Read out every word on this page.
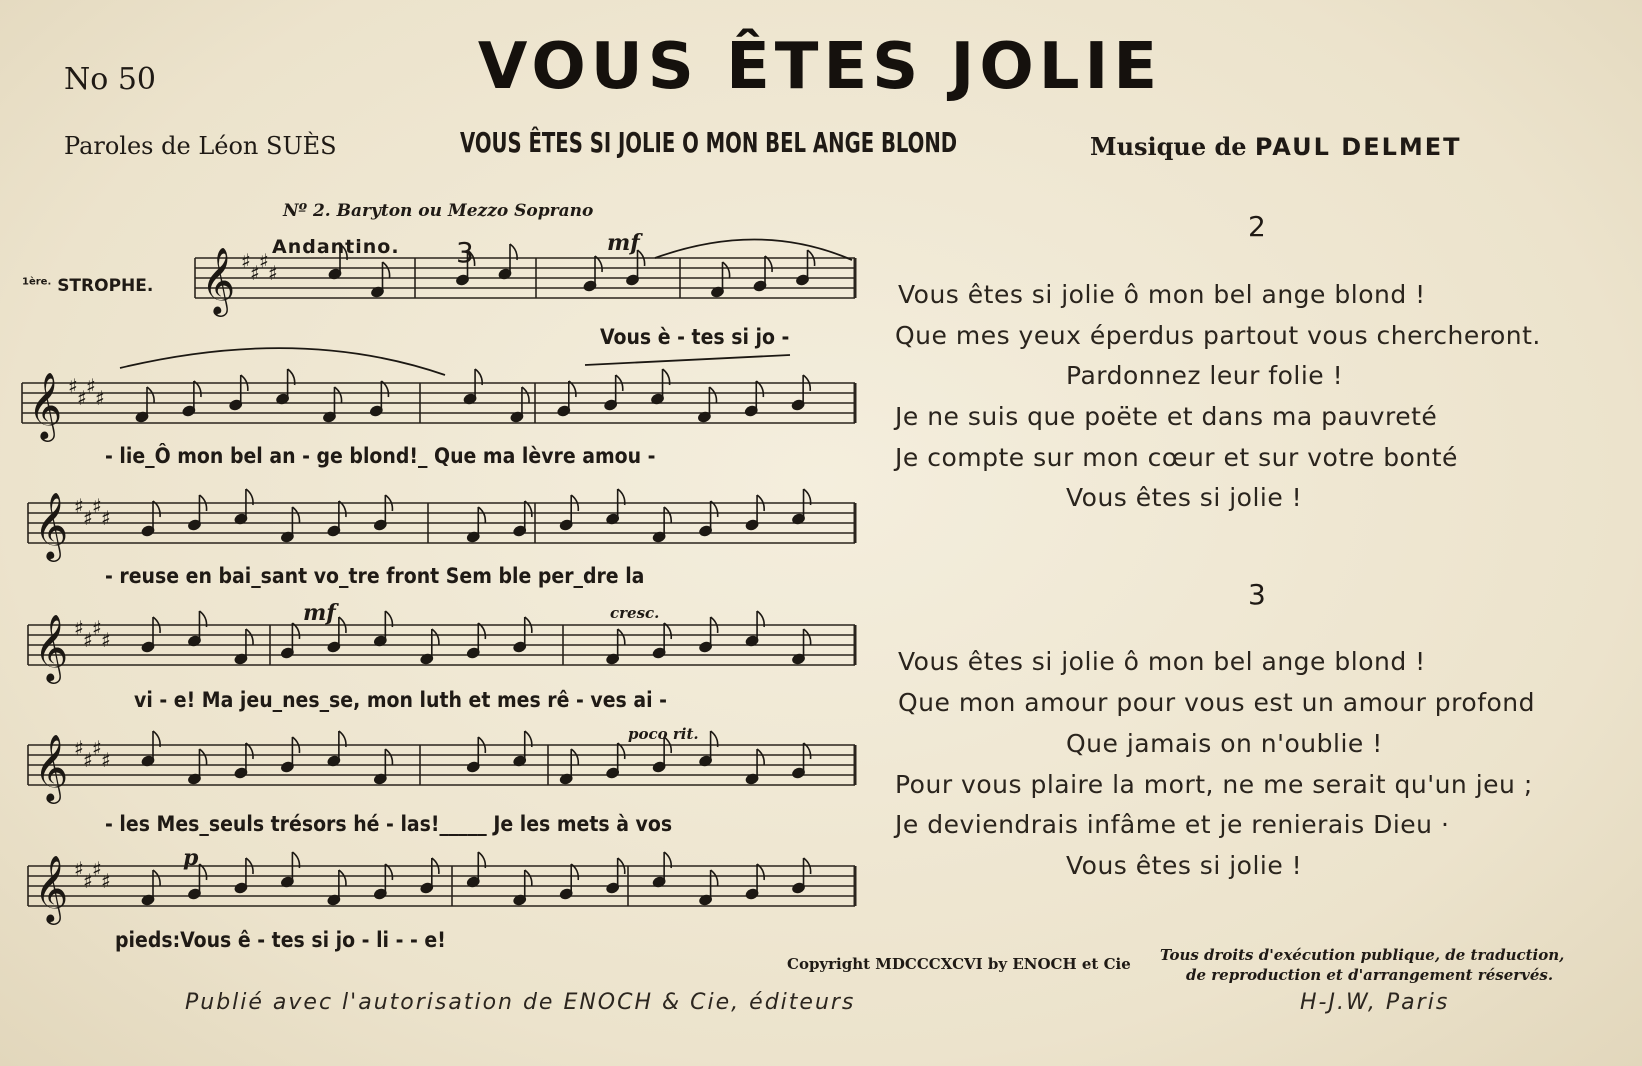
No 50	VOUS ÊTES JOLIE
Paroles de Léon SUÈS	VOUS ÊTES SI JOLIE O MON BEL ANGE BLOND	Musique de PAUL DELMET
Nº 2. Baryton ou Mezzo Soprano
Andantino.
$^{1ère.}$ STROPHE. 𝄞 ♯ ♯ ♯ ♯
𝄞 ♯ ♯ ♯ ♯
𝄞 ♯ ♯ ♯ ♯
𝄞 ♯ ♯ ♯ ♯
𝄞 ♯ ♯ ♯ ♯
𝄞 ♯ ♯ ♯ ♯
3	mf
mf
p
cresc.
poco rit.
Vous è - tes si jo -
- lie_Ô mon bel an - ge blond!_ Que ma lèvre amou -
- reuse en bai_sant vo_tre front Sem ble per_dre la
vi - e! Ma jeu_nes_se, mon luth et mes rê - ves ai -
- les Mes_seuls trésors hé - las!_____ Je les mets à vos
pieds:Vous ê - tes si jo - li - - e!
2
Vous êtes si jolie ô mon bel ange blond !
Que mes yeux éperdus partout vous chercheront.
Pardonnez leur folie !
Je ne suis que poëte et dans ma pauvreté
Je compte sur mon cœur et sur votre bonté
Vous êtes si jolie !
3
Vous êtes si jolie ô mon bel ange blond !
Que mon amour pour vous est un amour profond
Que jamais on n'oublie !
Pour vous plaire la mort, ne me serait qu'un jeu ;
Je deviendrais infâme et je renierais Dieu ·
Vous êtes si jolie !
Copyright MDCCCXCVI by ENOCH et Cie Tous droits d'exécution publique, de traduction,
de reproduction et d'arrangement réservés.
Publié avec l'autorisation de ENOCH & Cie, éditeurs	H-J.W, Paris
